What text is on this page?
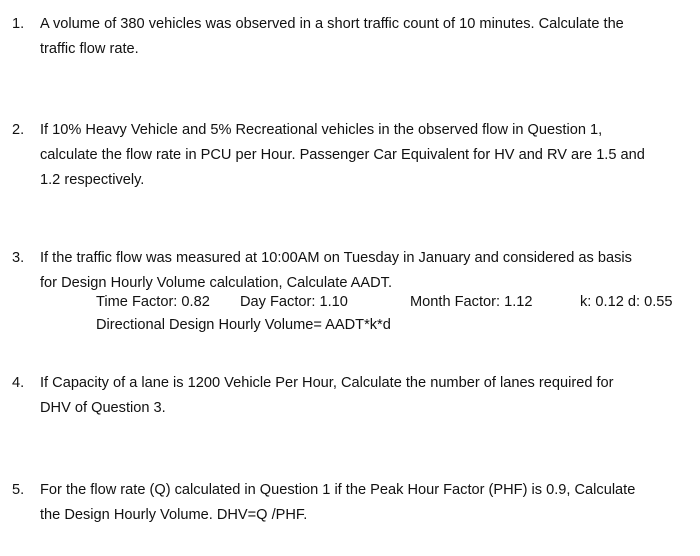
1. A volume of 380 vehicles was observed in a short traffic count of 10 minutes. Calculate the
traffic flow rate.
2. If 10% Heavy Vehicle and 5% Recreational vehicles in the observed flow in Question 1,
calculate the flow rate in PCU per Hour. Passenger Car Equivalent for HV and RV are 1.5 and
1.2 respectively.
3. If the traffic flow was measured at 10:00AM on Tuesday in January and considered as basis
for Design Hourly Volume calculation, Calculate AADT.
Time Factor: 0.82 Day Factor: 1.10	Month Factor: 1.12	k: 0.12 d: 0.55
Directional Design Hourly Volume= AADT*k*d
4. If Capacity of a lane is 1200 Vehicle Per Hour, Calculate the number of lanes required for
DHV of Question 3.
5. For the flow rate (Q) calculated in Question 1 if the Peak Hour Factor (PHF) is 0.9, Calculate
the Design Hourly Volume. DHV=Q /PHF.
